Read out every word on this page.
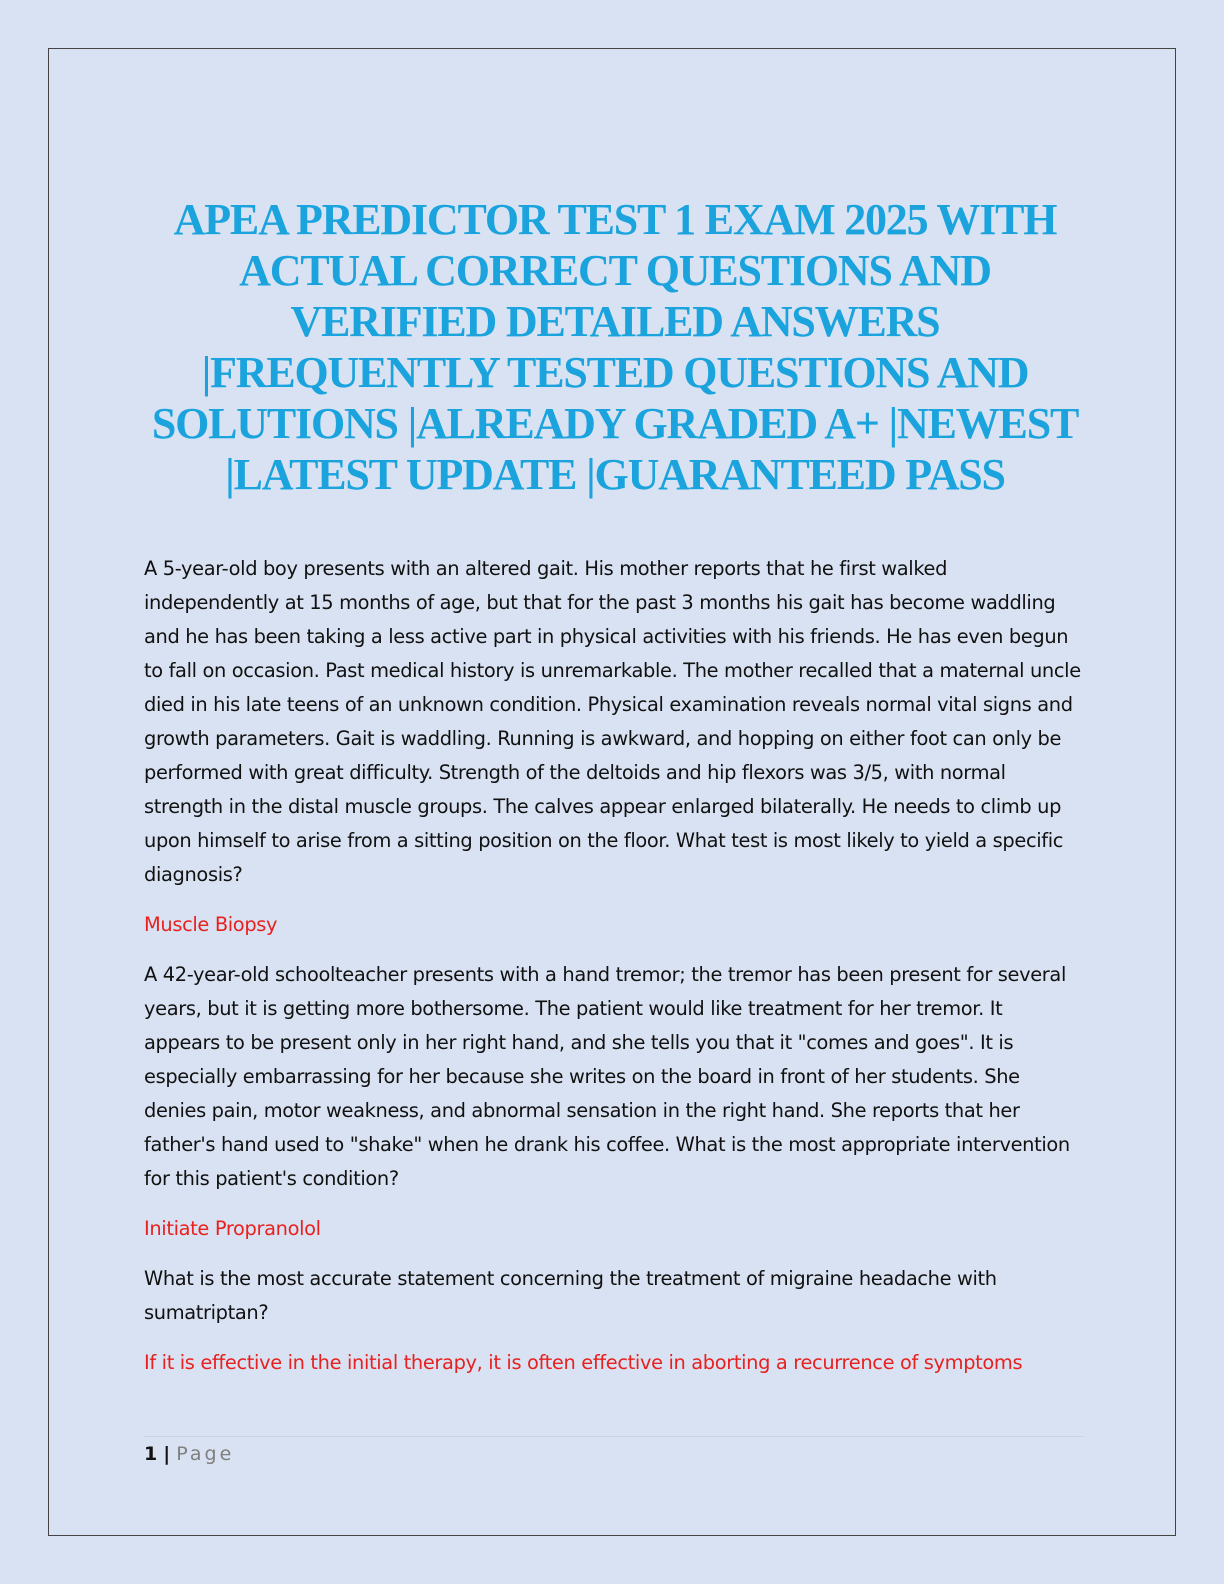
APEA PREDICTOR TEST 1 EXAM 2025 WITH ACTUAL CORRECT QUESTIONS AND VERIFIED DETAILED ANSWERS |FREQUENTLY TESTED QUESTIONS AND SOLUTIONS |ALREADY GRADED A+ |NEWEST |LATEST UPDATE |GUARANTEED PASS

A 5-year-old boy presents with an altered gait. His mother reports that he first walked independently at 15 months of age, but that for the past 3 months his gait has become waddling and he has been taking a less active part in physical activities with his friends. He has even begun to fall on occasion. Past medical history is unremarkable. The mother recalled that a maternal uncle died in his late teens of an unknown condition. Physical examination reveals normal vital signs and growth parameters. Gait is waddling. Running is awkward, and hopping on either foot can only be performed with great difficulty. Strength of the deltoids and hip flexors was 3/5, with normal strength in the distal muscle groups. The calves appear enlarged bilaterally. He needs to climb up upon himself to arise from a sitting position on the floor. What test is most likely to yield a specific diagnosis?

Muscle Biopsy

A 42-year-old schoolteacher presents with a hand tremor; the tremor has been present for several years, but it is getting more bothersome. The patient would like treatment for her tremor. It appears to be present only in her right hand, and she tells you that it "comes and goes". It is especially embarrassing for her because she writes on the board in front of her students. She denies pain, motor weakness, and abnormal sensation in the right hand. She reports that her father's hand used to "shake" when he drank his coffee. What is the most appropriate intervention for this patient's condition?

Initiate Propranolol

What is the most accurate statement concerning the treatment of migraine headache with sumatriptan?

If it is effective in the initial therapy, it is often effective in aborting a recurrence of symptoms

1 | Page
